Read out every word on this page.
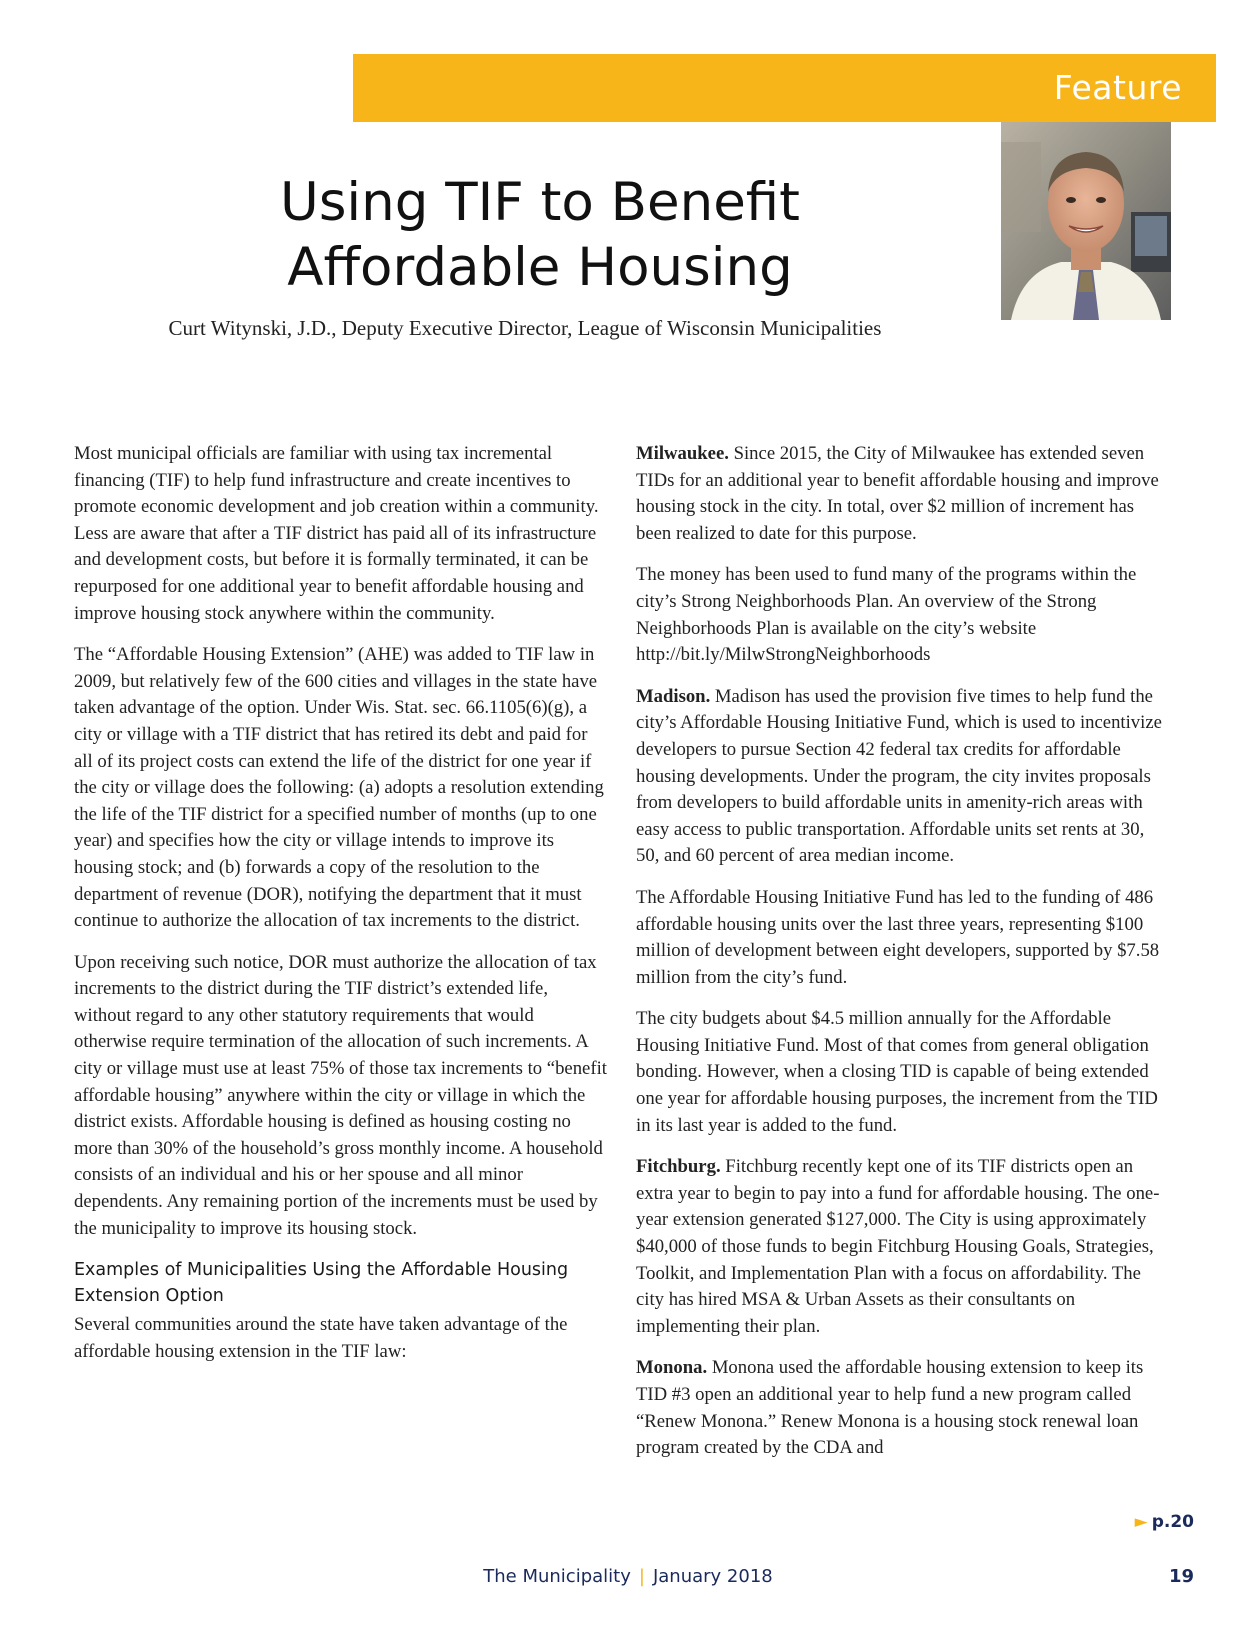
Feature
Using TIF to Benefit
Affordable Housing
Curt Witynski, J.D., Deputy Executive Director, League of Wisconsin Municipalities

Most municipal officials are familiar with using tax incremental financing (TIF) to help fund infrastructure and create incentives to promote economic development and job creation within a community. Less are aware that after a TIF district has paid all of its infrastructure and development costs, but before it is formally terminated, it can be repurposed for one additional year to benefit affordable housing and improve housing stock anywhere within the community.

The “Affordable Housing Extension” (AHE) was added to TIF law in 2009, but relatively few of the 600 cities and villages in the state have taken advantage of the option. Under Wis. Stat. sec. 66.1105(6)(g), a city or village with a TIF district that has retired its debt and paid for all of its project costs can extend the life of the district for one year if the city or village does the following: (a) adopts a resolution extending the life of the TIF district for a specified number of months (up to one year) and specifies how the city or village intends to improve its housing stock; and (b) forwards a copy of the resolution to the department of revenue (DOR), notifying the department that it must continue to authorize the allocation of tax increments to the district.

Upon receiving such notice, DOR must authorize the allocation of tax increments to the district during the TIF district’s extended life, without regard to any other statutory requirements that would otherwise require termination of the allocation of such increments. A city or village must use at least 75% of those tax increments to “benefit affordable housing” anywhere within the city or village in which the district exists. Affordable housing is defined as housing costing no more than 30% of the household’s gross monthly income. A household consists of an individual and his or her spouse and all minor dependents. Any remaining portion of the increments must be used by the municipality to improve its housing stock.

Examples of Municipalities Using the Affordable Housing Extension Option

Several communities around the state have taken advantage of the affordable housing extension in the TIF law:

Milwaukee. Since 2015, the City of Milwaukee has extended seven TIDs for an additional year to benefit affordable housing and improve housing stock in the city. In total, over $2 million of increment has been realized to date for this purpose.

The money has been used to fund many of the programs within the city’s Strong Neighborhoods Plan. An overview of the Strong Neighborhoods Plan is available on the city’s website http://bit.ly/MilwStrongNeighborhoods

Madison. Madison has used the provision five times to help fund the city’s Affordable Housing Initiative Fund, which is used to incentivize developers to pursue Section 42 federal tax credits for affordable housing developments. Under the program, the city invites proposals from developers to build affordable units in amenity-rich areas with easy access to public transportation. Affordable units set rents at 30, 50, and 60 percent of area median income.

The Affordable Housing Initiative Fund has led to the funding of 486 affordable housing units over the last three years, representing $100 million of development between eight developers, supported by $7.58 million from the city’s fund.

The city budgets about $4.5 million annually for the Affordable Housing Initiative Fund. Most of that comes from general obligation bonding. However, when a closing TID is capable of being extended one year for affordable housing purposes, the increment from the TID in its last year is added to the fund.

Fitchburg. Fitchburg recently kept one of its TIF districts open an extra year to begin to pay into a fund for affordable housing. The one-year extension generated $127,000. The City is using approximately $40,000 of those funds to begin Fitchburg Housing Goals, Strategies, Toolkit, and Implementation Plan with a focus on affordability. The city has hired MSA & Urban Assets as their consultants on implementing their plan.

Monona. Monona used the affordable housing extension to keep its TID #3 open an additional year to help fund a new program called “Renew Monona.” Renew Monona is a housing stock renewal loan program created by the CDA and

► p.20
The Municipality | January 2018	19
